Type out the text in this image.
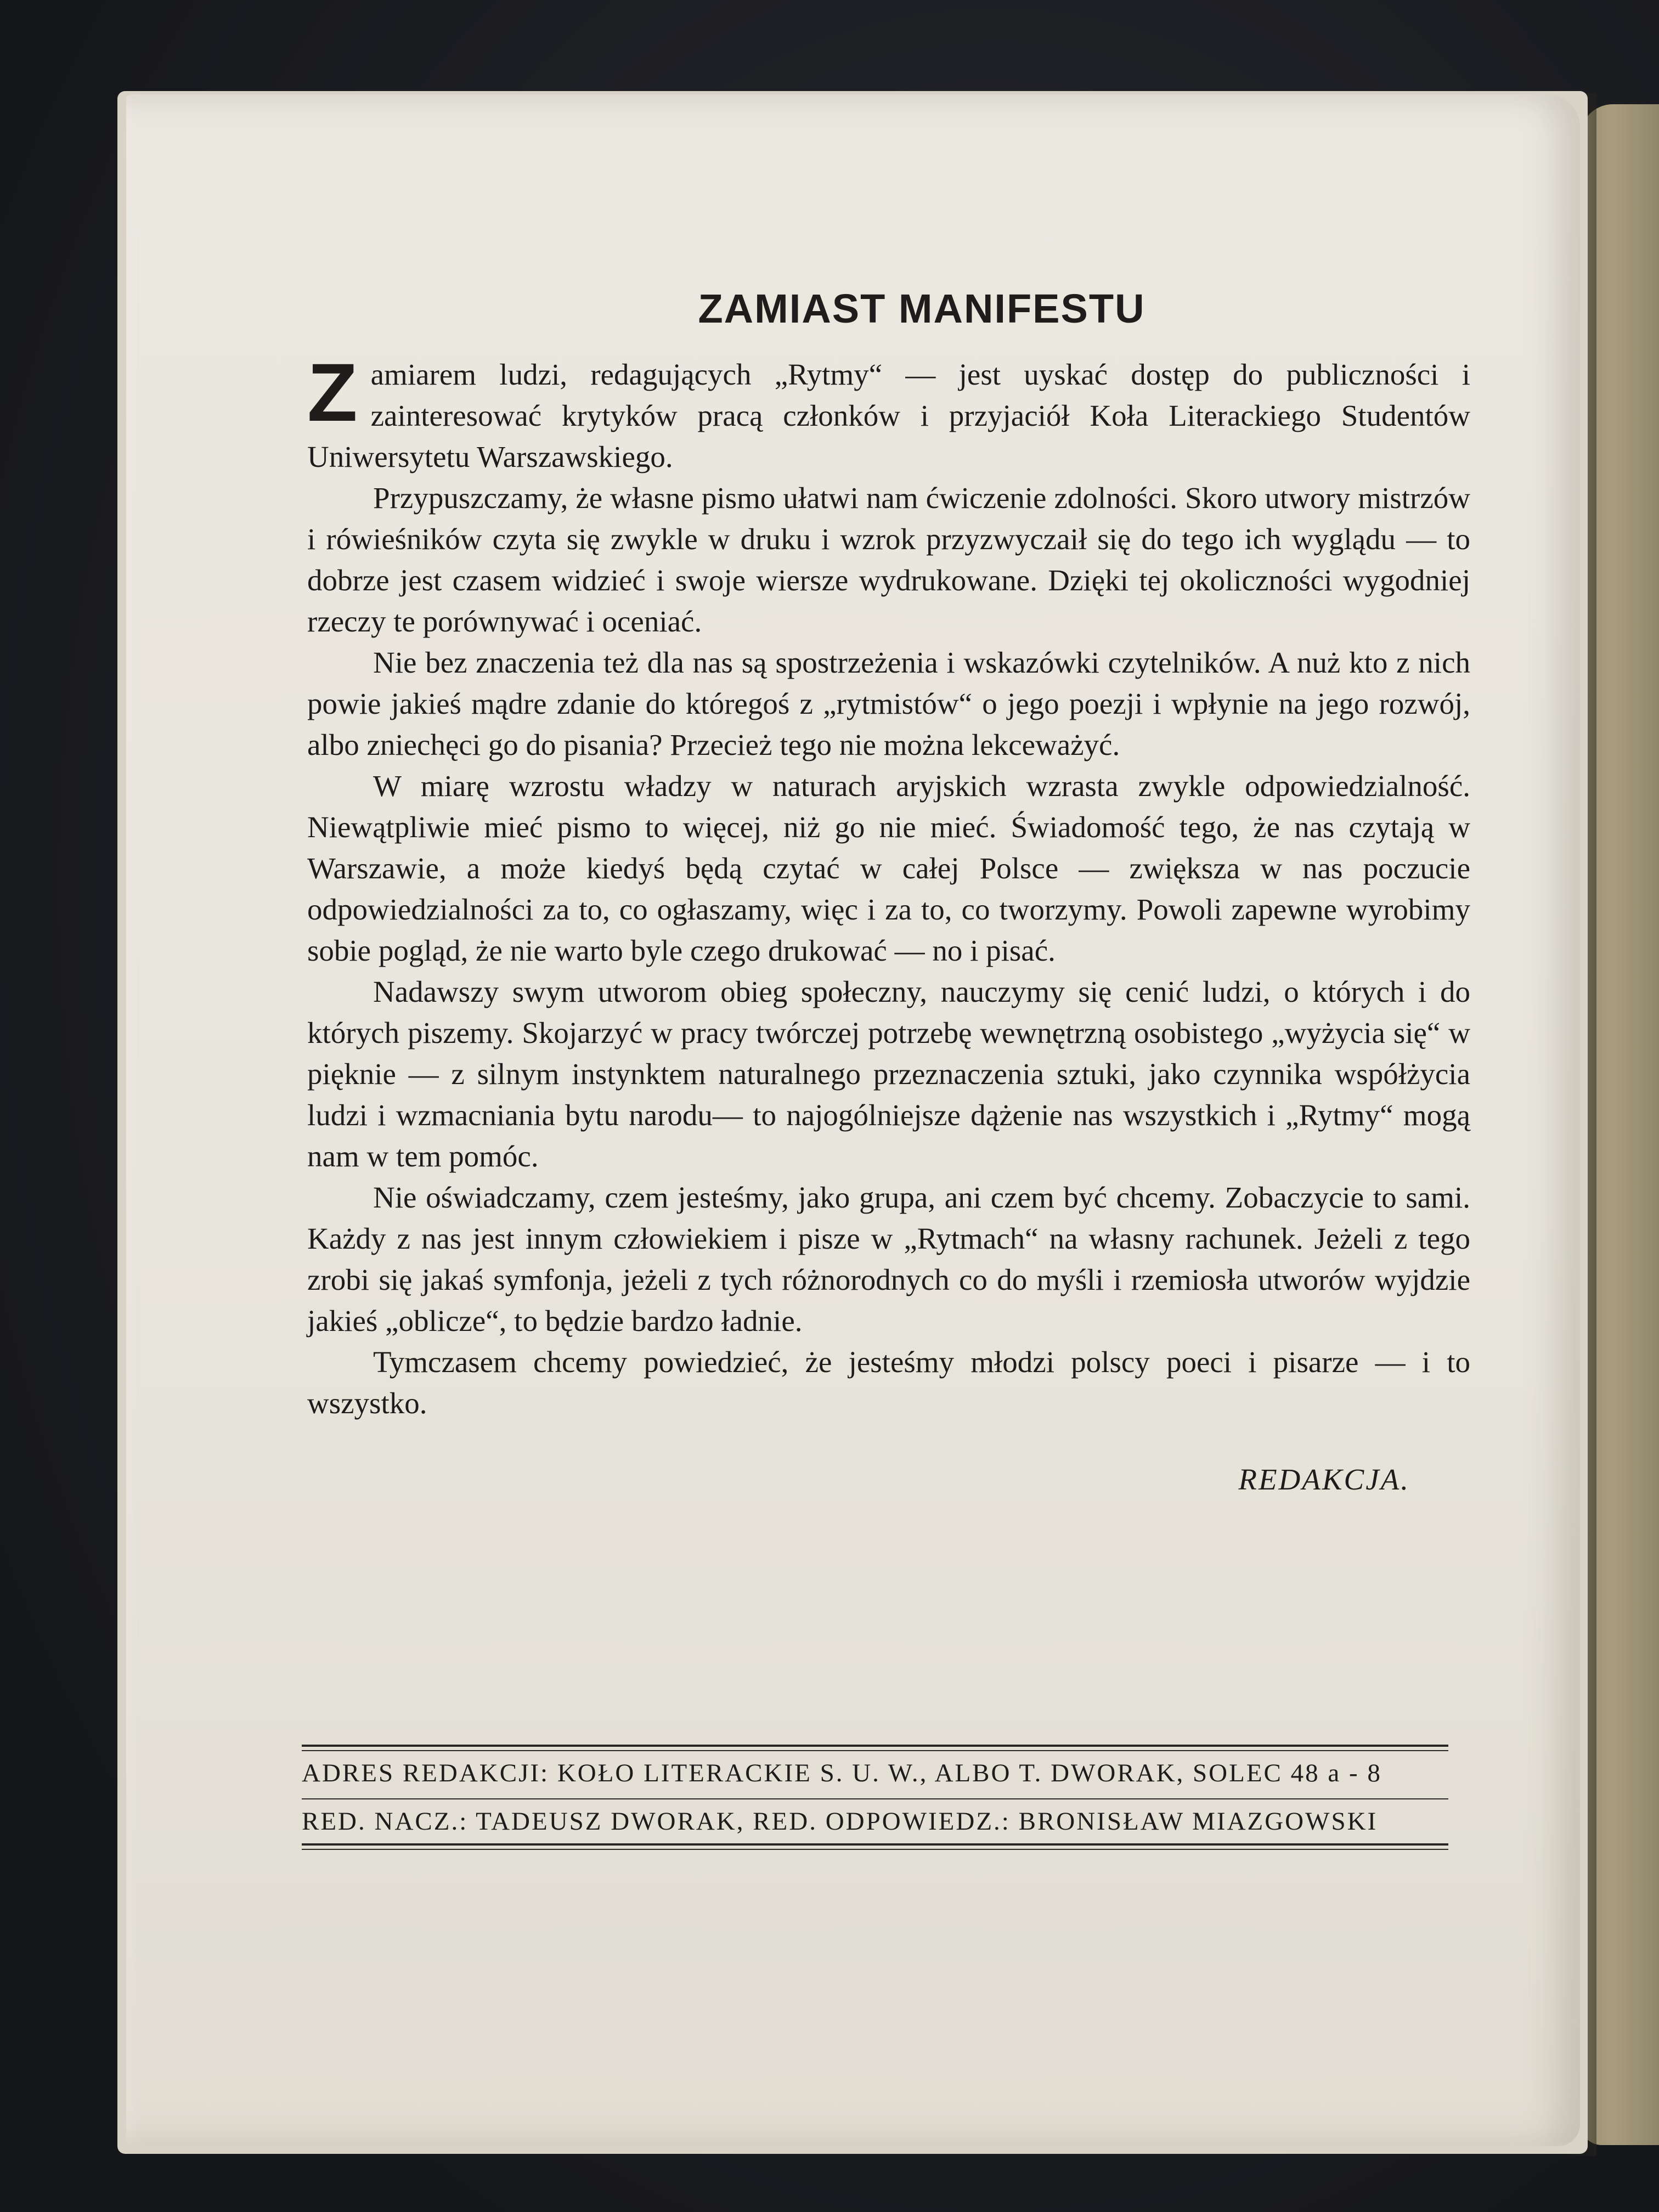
ZAMIAST MANIFESTU

Zamiarem ludzi, redagujących „Rytmy“ — jest uyskać dostęp do publiczności i zainteresować krytyków pracą członków i przyjaciół Koła Literackiego Studentów Uniwersytetu Warszawskiego.

Przypuszczamy, że własne pismo ułatwi nam ćwiczenie zdolności. Skoro utwory mistrzów i rówieśników czyta się zwykle w druku i wzrok przyzwyczaił się do tego ich wyglądu — to dobrze jest czasem widzieć i swoje wiersze wydrukowane. Dzięki tej okoliczności wygodniej rzeczy te porównywać i oceniać.

Nie bez znaczenia też dla nas są spostrzeżenia i wskazówki czytelników. A nuż kto z nich powie jakieś mądre zdanie do któregoś z „rytmistów“ o jego poezji i wpłynie na jego rozwój, albo zniechęci go do pisania? Przecież tego nie można lekceważyć.

W miarę wzrostu władzy w naturach aryjskich wzrasta zwykle odpowiedzialność. Niewątpliwie mieć pismo to więcej, niż go nie mieć. Świadomość tego, że nas czytają w Warszawie, a może kiedyś będą czytać w całej Polsce — zwiększa w nas poczucie odpowiedzialności za to, co ogłaszamy, więc i za to, co tworzymy. Powoli zapewne wyrobimy sobie pogląd, że nie warto byle czego drukować — no i pisać.

Nadawszy swym utworom obieg społeczny, nauczymy się cenić ludzi, o których i do których piszemy. Skojarzyć w pracy twórczej potrzebę wewnętrzną osobistego „wyżycia się“ w pięknie — z silnym instynktem naturalnego przeznaczenia sztuki, jako czynnika współżycia ludzi i wzmacniania bytu narodu— to najogólniejsze dążenie nas wszystkich i „Rytmy“ mogą nam w tem pomóc.

Nie oświadczamy, czem jesteśmy, jako grupa, ani czem być chcemy. Zobaczycie to sami. Każdy z nas jest innym człowiekiem i pisze w „Rytmach“ na własny rachunek. Jeżeli z tego zrobi się jakaś symfonja, jeżeli z tych różnorodnych co do myśli i rzemiosła utworów wyjdzie jakieś „oblicze“, to będzie bardzo ładnie.

Tymczasem chcemy powiedzieć, że jesteśmy młodzi polscy poeci i pisarze — i to wszystko.

REDAKCJA.
ADRES REDAKCJI: KOŁO LITERACKIE S. U. W., ALBO T. DWORAK, SOLEC 48 a - 8
RED. NACZ.: TADEUSZ DWORAK, RED. ODPOWIEDZ.: BRONISŁAW MIAZGOWSKI
